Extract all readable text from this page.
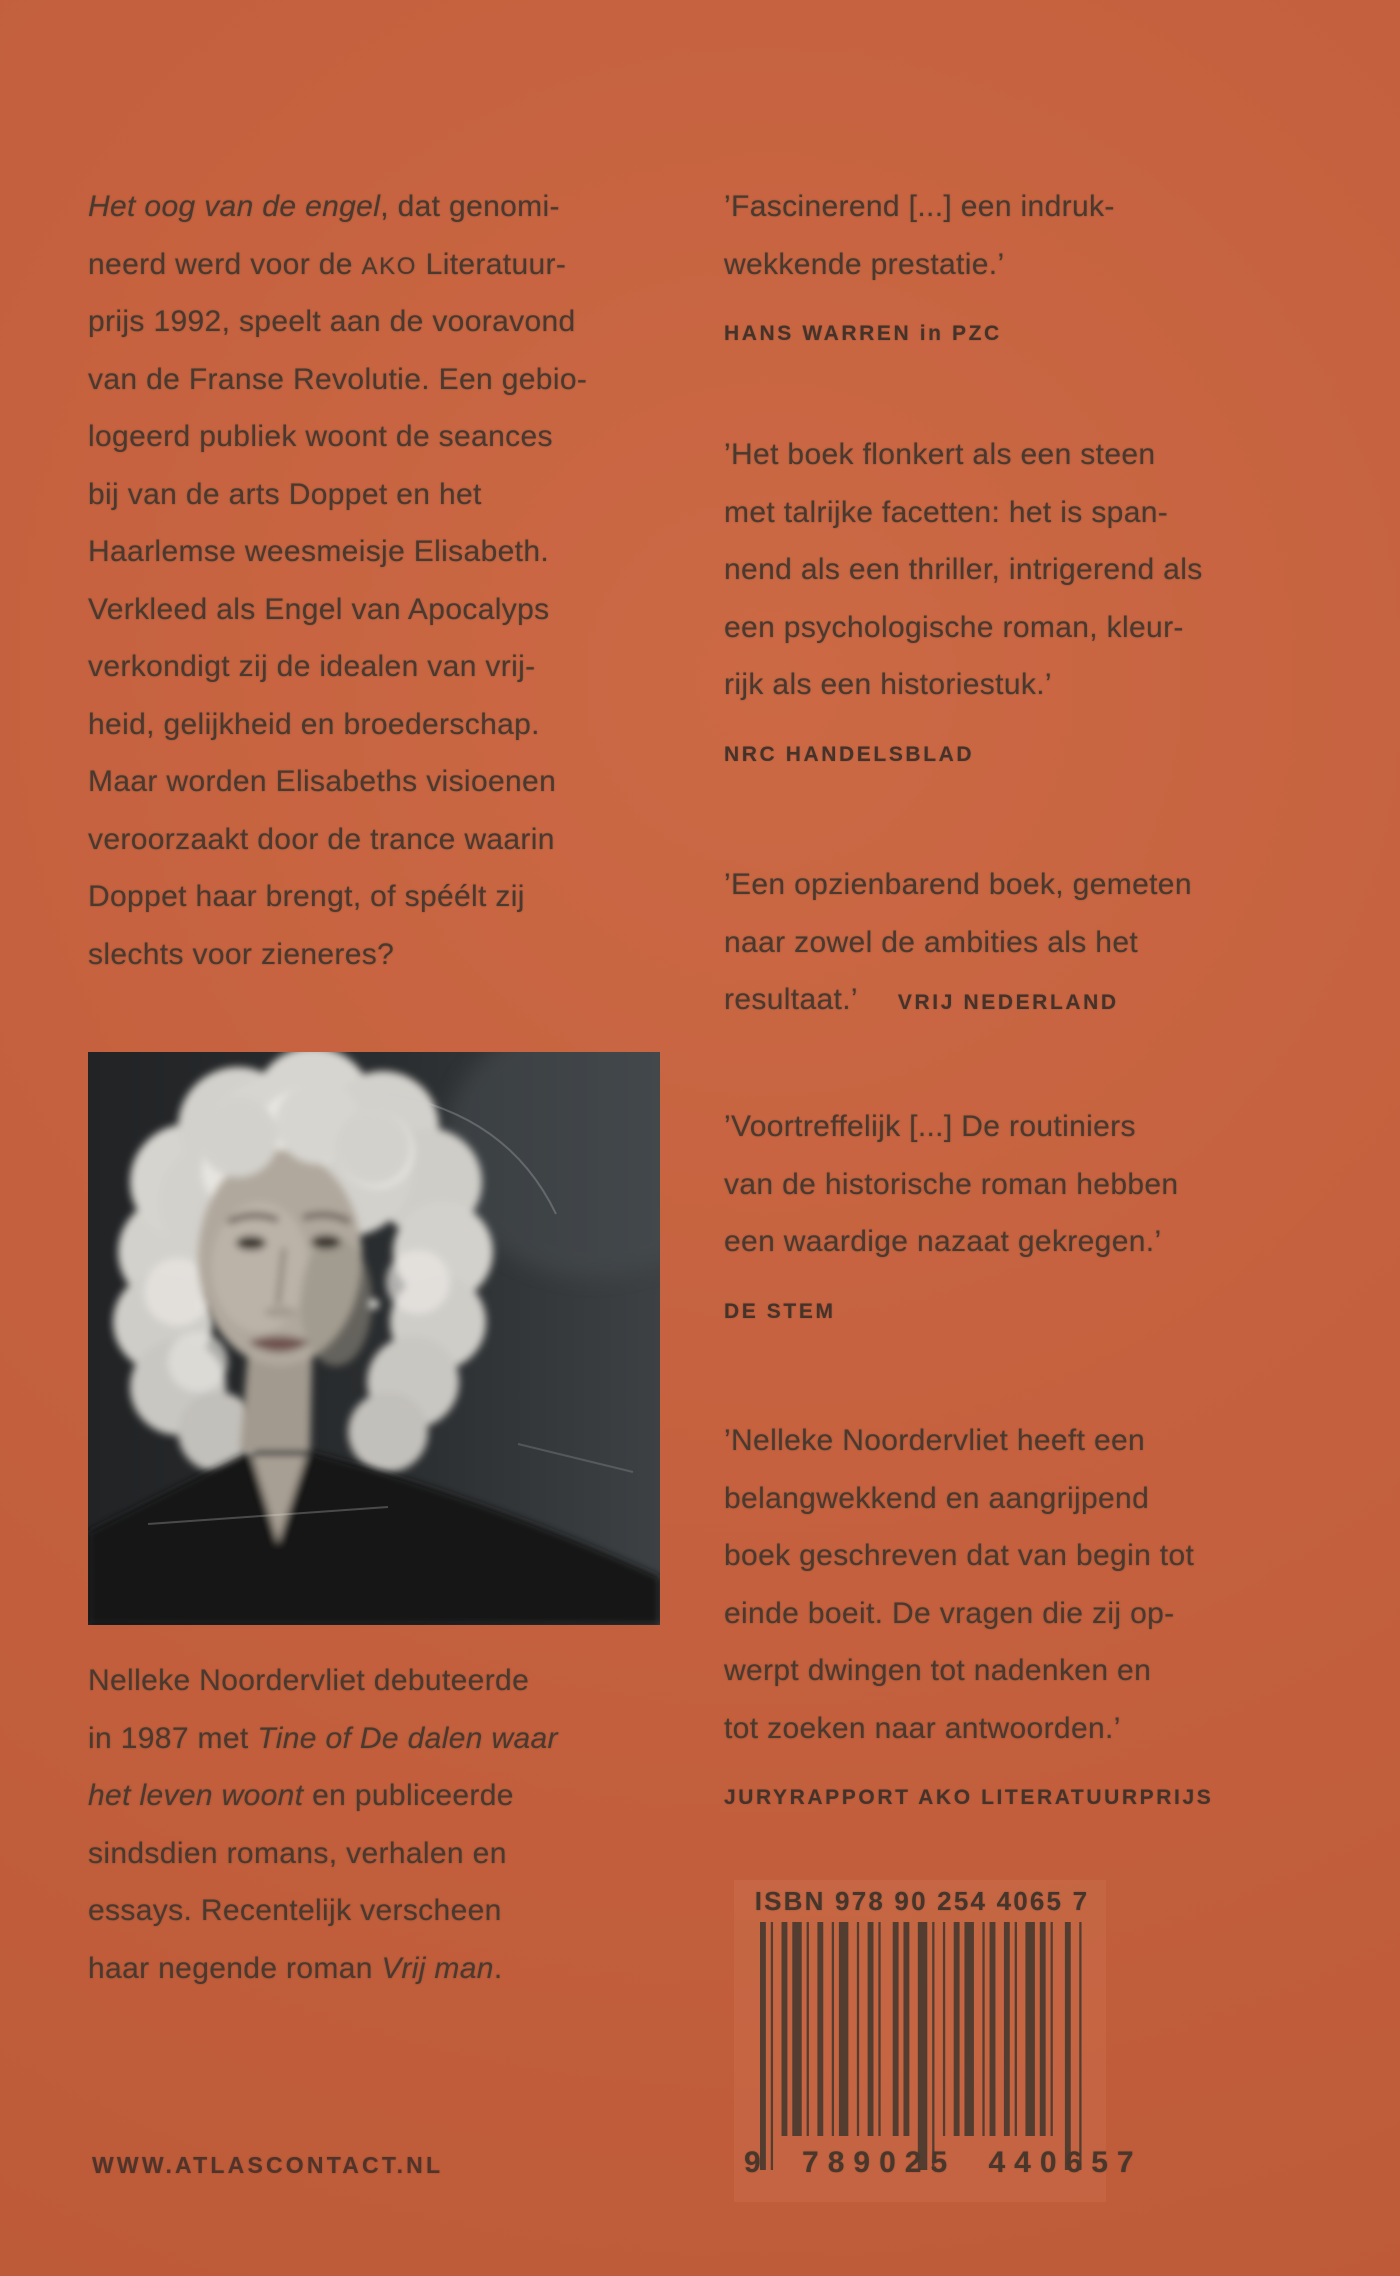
Het oog van de engel, dat genomi-
neerd werd voor de AKO Literatuur-
prijs 1992, speelt aan de vooravond
van de Franse Revolutie. Een gebio-
logeerd publiek woont de seances
bij van de arts Doppet en het
Haarlemse weesmeisje Elisabeth.
Verkleed als Engel van Apocalyps
verkondigt zij de idealen van vrij-
heid, gelijkheid en broederschap.
Maar worden Elisabeths visioenen
veroorzaakt door de trance waarin
Doppet haar brengt, of spéélt zij
slechts voor zieneres?
Nelleke Noordervliet debuteerde
in 1987 met Tine of De dalen waar
het leven woont en publiceerde
sindsdien romans, verhalen en
essays. Recentelijk verscheen
haar negende roman Vrij man.
WWW.ATLASCONTACT.NL
’Fascinerend [...] een indruk-
wekkende prestatie.’
HANS WARREN in PZC
’Het boek flonkert als een steen
met talrijke facetten: het is span-
nend als een thriller, intrigerend als
een psychologische roman, kleur-
rijk als een historiestuk.’
NRC HANDELSBLAD
’Een opzienbarend boek, gemeten
naar zowel de ambities als het
resultaat.’ VRIJ NEDERLAND
’Voortreffelijk [...] De routiniers
van de historische roman hebben
een waardige nazaat gekregen.’
DE STEM
’Nelleke Noordervliet heeft een
belangwekkend en aangrijpend
boek geschreven dat van begin tot
einde boeit. De vragen die zij op-
werpt dwingen tot nadenken en
tot zoeken naar antwoorden.’
JURYRAPPORT AKO LITERATUURPRIJS
ISBN 978 90 254 4065 7
9 789025 440657
